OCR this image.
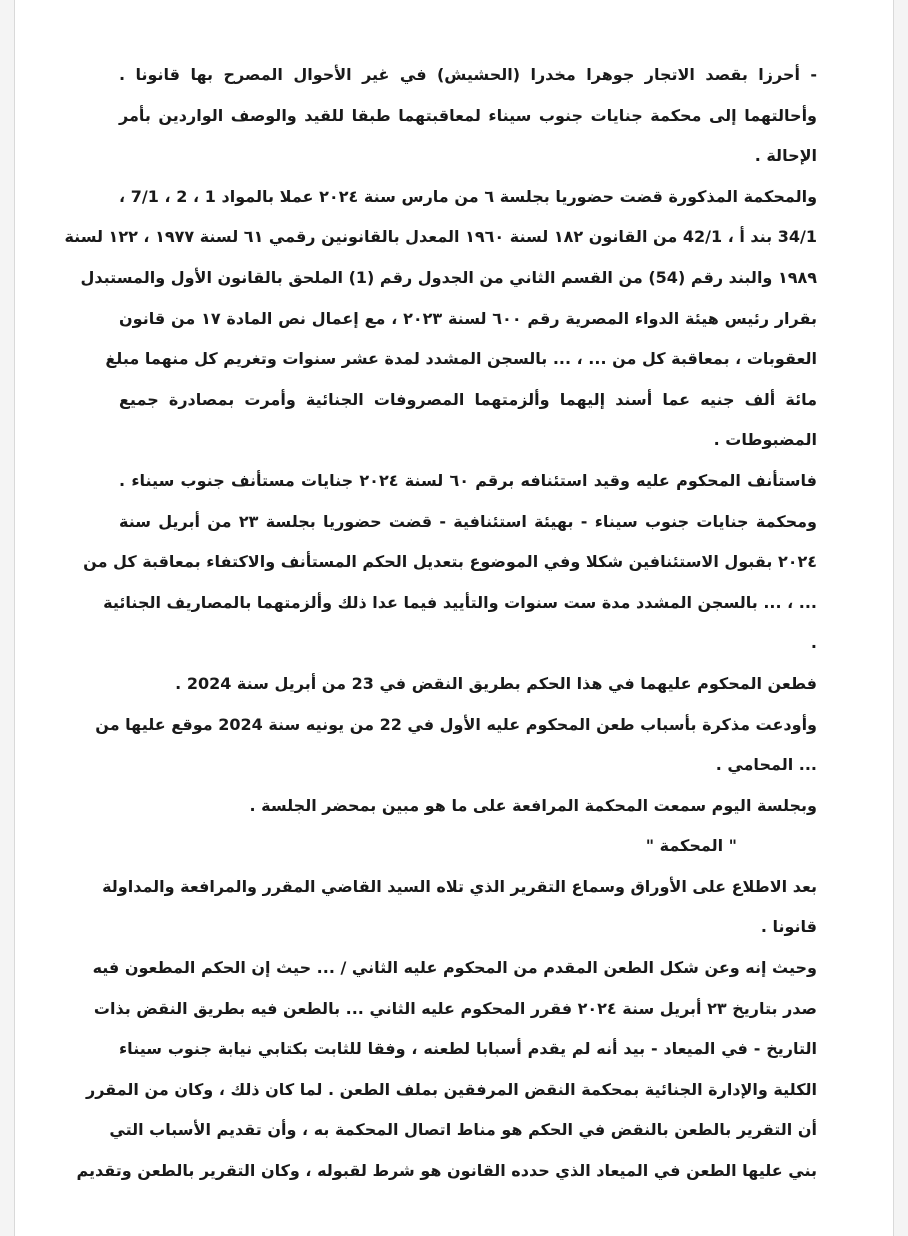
- أحرزا بقصد الاتجار جوهرا مخدرا (الحشيش) في غير الأحوال المصرح بها قانونا .
وأحالتهما إلى محكمة جنايات جنوب سيناء لمعاقبتهما طبقا للقيد والوصف الواردين بأمر
الإحالة .
والمحكمة المذكورة قضت حضوريا بجلسة ٦ من مارس سنة ٢٠٢٤ عملا بالمواد 1 ، 2 ، 7/1 ،
34/1 بند أ ، 42/1 من القانون ١٨٢ لسنة ١٩٦٠ المعدل بالقانونين رقمي ٦١ لسنة ١٩٧٧ ، ١٢٢ لسنة
١٩٨٩ والبند رقم (54) من القسم الثاني من الجدول رقم (1) الملحق بالقانون الأول والمستبدل
بقرار رئيس هيئة الدواء المصرية رقم ٦٠٠ لسنة ٢٠٢٣ ، مع إعمال نص المادة ١٧ من قانون
العقوبات ، بمعاقبة كل من ... ، ... بالسجن المشدد لمدة عشر سنوات وتغريم كل منهما مبلغ
مائة ألف جنيه عما أسند إليهما وألزمتهما المصروفات الجنائية وأمرت بمصادرة جميع
المضبوطات .
فاستأنف المحكوم عليه وقيد استئنافه برقم ٦٠ لسنة ٢٠٢٤ جنايات مستأنف جنوب سيناء .
ومحكمة جنايات جنوب سيناء - بهيئة استئنافية - قضت حضوريا بجلسة ٢٣ من أبريل سنة
٢٠٢٤ بقبول الاستئنافين شكلا وفي الموضوع بتعديل الحكم المستأنف والاكتفاء بمعاقبة كل من
... ، ... بالسجن المشدد مدة ست سنوات والتأييد فيما عدا ذلك وألزمتهما بالمصاريف الجنائية
.
فطعن المحكوم عليهما في هذا الحكم بطريق النقض في 23 من أبريل سنة 2024 .
وأودعت مذكرة بأسباب طعن المحكوم عليه الأول في 22 من يونيه سنة 2024 موقع عليها من
... المحامي .
وبجلسة اليوم سمعت المحكمة المرافعة على ما هو مبين بمحضر الجلسة .
" المحكمة "
بعد الاطلاع على الأوراق وسماع التقرير الذي تلاه السيد القاضي المقرر والمرافعة والمداولة
قانونا .
وحيث إنه وعن شكل الطعن المقدم من المحكوم عليه الثاني / ... حيث إن الحكم المطعون فيه
صدر بتاريخ ٢٣ أبريل سنة ٢٠٢٤ فقرر المحكوم عليه الثاني ... بالطعن فيه بطريق النقض بذات
التاريخ - في الميعاد - بيد أنه لم يقدم أسبابا لطعنه ، وفقا للثابت بكتابي نيابة جنوب سيناء
الكلية والإدارة الجنائية بمحكمة النقض المرفقين بملف الطعن . لما كان ذلك ، وكان من المقرر
أن التقرير بالطعن بالنقض في الحكم هو مناط اتصال المحكمة به ، وأن تقديم الأسباب التي
بني عليها الطعن في الميعاد الذي حدده القانون هو شرط لقبوله ، وكان التقرير بالطعن وتقديم
